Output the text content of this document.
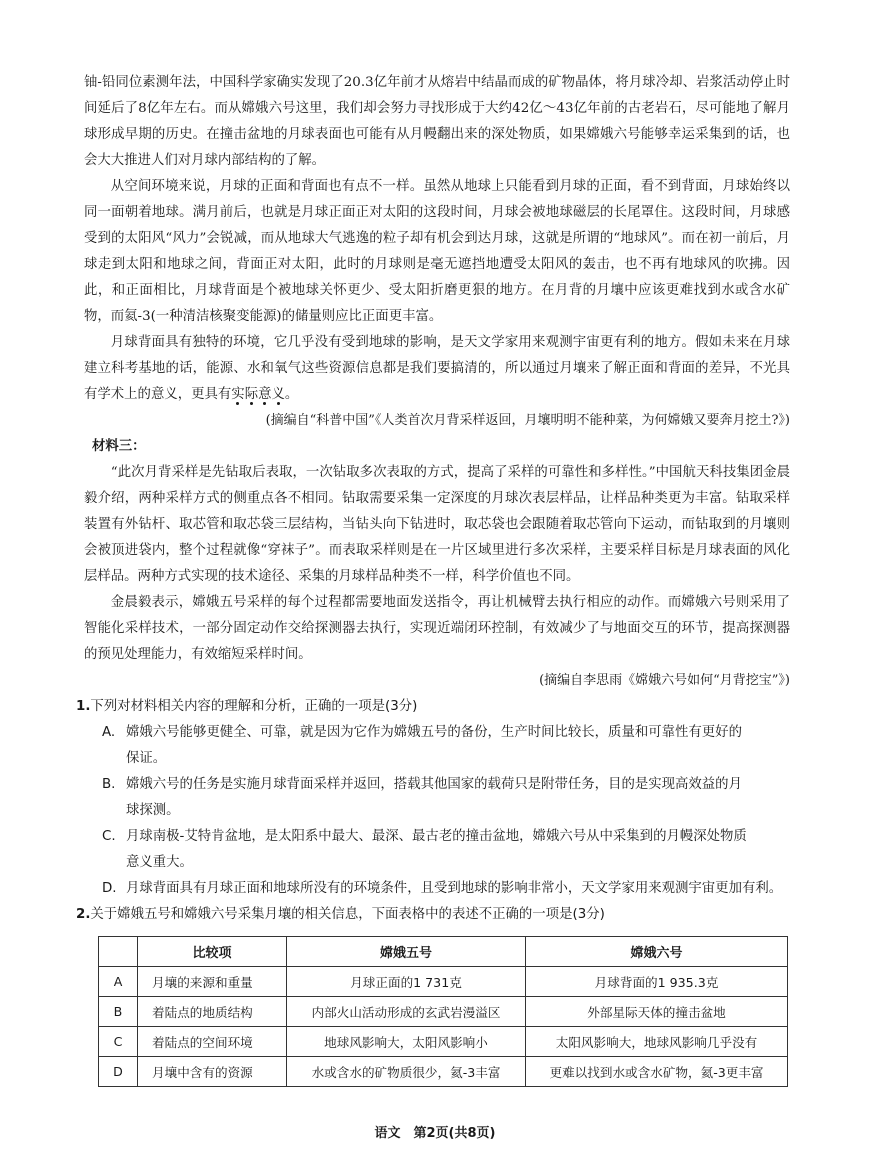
铀-铅同位素测年法，中国科学家确实发现了20.3亿年前才从熔岩中结晶而成的矿物晶体，将月球冷却、岩浆活动停止时间延后了8亿年左右。而从嫦娥六号这里，我们却会努力寻找形成于大约42亿～43亿年前的古老岩石，尽可能地了解月球形成早期的历史。在撞击盆地的月球表面也可能有从月幔翻出来的深处物质，如果嫦娥六号能够幸运采集到的话，也会大大推进人们对月球内部结构的了解。

从空间环境来说，月球的正面和背面也有点不一样。虽然从地球上只能看到月球的正面，看不到背面，月球始终以同一面朝着地球。满月前后，也就是月球正面正对太阳的这段时间，月球会被地球磁层的长尾罩住。这段时间，月球感受到的太阳风“风力”会锐减，而从地球大气逃逸的粒子却有机会到达月球，这就是所谓的“地球风”。而在初一前后，月球走到太阳和地球之间，背面正对太阳，此时的月球则是毫无遮挡地遭受太阳风的轰击，也不再有地球风的吹拂。因此，和正面相比，月球背面是个被地球关怀更少、受太阳折磨更狠的地方。在月背的月壤中应该更难找到水或含水矿物，而氦-3(一种清洁核聚变能源)的储量则应比正面更丰富。

月球背面具有独特的环境，它几乎没有受到地球的影响，是天文学家用来观测宇宙更有利的地方。假如未来在月球建立科考基地的话，能源、水和氧气这些资源信息都是我们要搞清的，所以通过月壤来了解正面和背面的差异，不光具有学术上的意义，更具有实际意义。

(摘编自“科普中国”《人类首次月背采样返回，月壤明明不能种菜，为何嫦娥又要奔月挖土?》)

材料三：

“此次月背采样是先钻取后表取，一次钻取多次表取的方式，提高了采样的可靠性和多样性。”中国航天科技集团金晨毅介绍，两种采样方式的侧重点各不相同。钻取需要采集一定深度的月球次表层样品，让样品种类更为丰富。钻取采样装置有外钻杆、取芯管和取芯袋三层结构，当钻头向下钻进时，取芯袋也会跟随着取芯管向下运动，而钻取到的月壤则会被顶进袋内，整个过程就像“穿袜子”。而表取采样则是在一片区域里进行多次采样，主要采样目标是月球表面的风化层样品。两种方式实现的技术途径、采集的月球样品种类不一样，科学价值也不同。

金晨毅表示，嫦娥五号采样的每个过程都需要地面发送指令，再让机械臂去执行相应的动作。而嫦娥六号则采用了智能化采样技术，一部分固定动作交给探测器去执行，实现近端闭环控制，有效减少了与地面交互的环节，提高探测器的预见处理能力，有效缩短采样时间。

(摘编自李思雨《嫦娥六号如何“月背挖宝”》)

1.下列对材料相关内容的理解和分析，正确的一项是(3分)
A. 嫦娥六号能够更健全、可靠，就是因为它作为嫦娥五号的备份，生产时间比较长，质量和可靠性有更好的
保证。
B. 嫦娥六号的任务是实施月球背面采样并返回，搭载其他国家的载荷只是附带任务，目的是实现高效益的月
球探测。
C. 月球南极-艾特肯盆地，是太阳系中最大、最深、最古老的撞击盆地，嫦娥六号从中采集到的月幔深处物质
意义重大。
D. 月球背面具有月球正面和地球所没有的环境条件，且受到地球的影响非常小，天文学家用来观测宇宙更加有利。
2.关于嫦娥五号和嫦娥六号采集月壤的相关信息，下面表格中的表述不正确的一项是(3分)
	比较项	嫦娥五号	嫦娥六号
A	月壤的来源和重量	月球正面的1 731克	月球背面的1 935.3克
B	着陆点的地质结构	内部火山活动形成的玄武岩漫溢区	外部星际天体的撞击盆地
C	着陆点的空间环境	地球风影响大，太阳风影响小	太阳风影响大，地球风影响几乎没有
D	月壤中含有的资源	水或含水的矿物质很少，氦-3丰富	更难以找到水或含水矿物，氦-3更丰富
语文　第2页(共8页)
